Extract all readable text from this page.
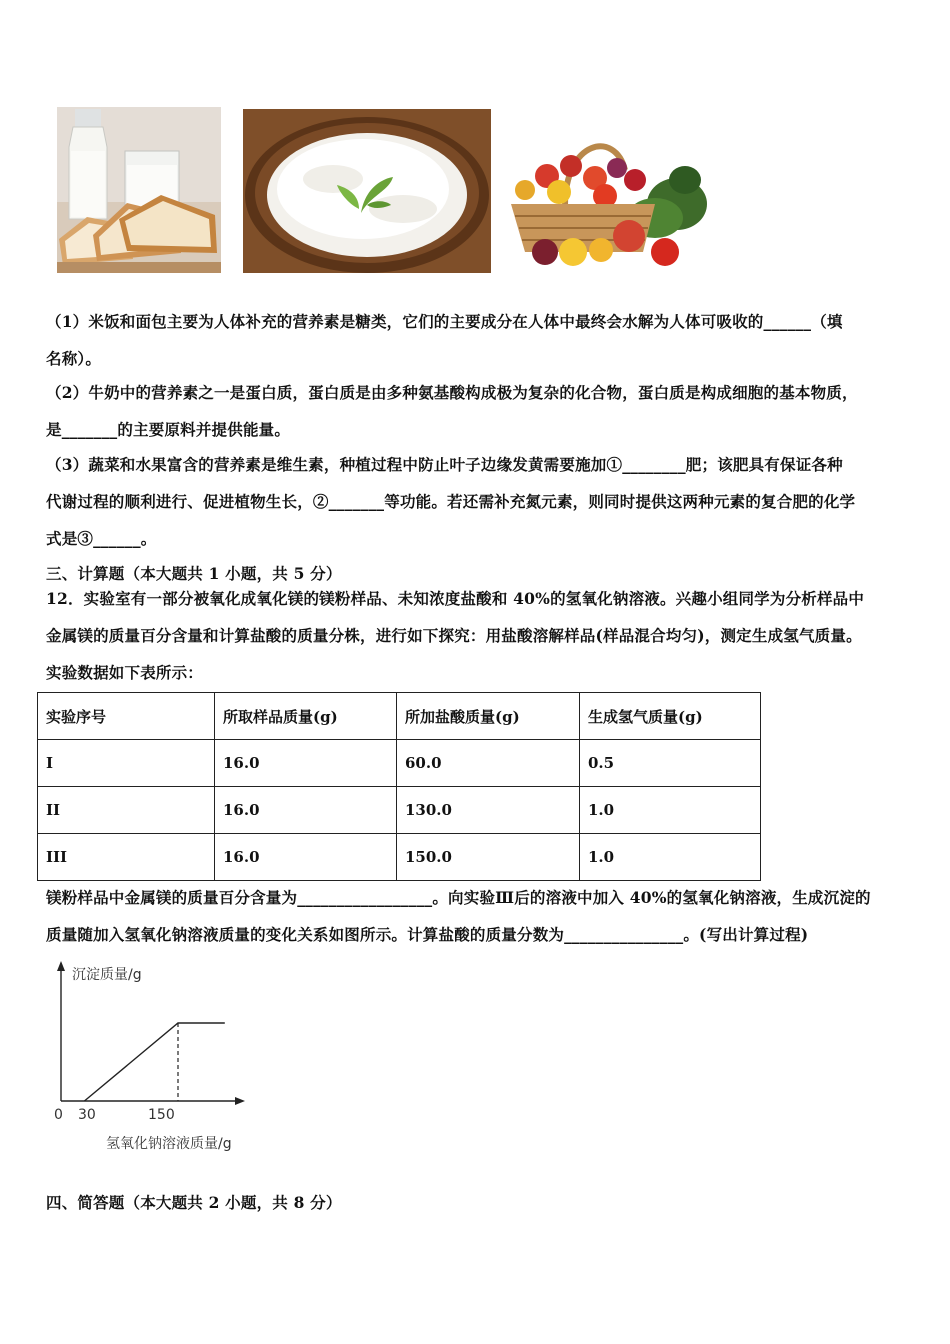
（1）米饭和面包主要为人体补充的营养素是糖类，它们的主要成分在人体中最终会水解为人体可吸收的______（填
名称）。
（2）牛奶中的营养素之一是蛋白质，蛋白质是由多种氨基酸构成极为复杂的化合物，蛋白质是构成细胞的基本物质，
是_______的主要原料并提供能量。
（3）蔬菜和水果富含的营养素是维生素，种植过程中防止叶子边缘发黄需要施加①________肥；该肥具有保证各种
代谢过程的顺利进行、促进植物生长，②_______等功能。若还需补充氮元素，则同时提供这两种元素的复合肥的化学
式是③______。
三、计算题（本大题共 1 小题，共 5 分）
12．实验室有一部分被氧化成氧化镁的镁粉样品、未知浓度盐酸和 40%的氢氧化钠溶液。兴趣小组同学为分析样品中
金属镁的质量百分含量和计算盐酸的质量分株，进行如下探究：用盐酸溶解样品(样品混合均匀)，测定生成氢气质量。
实验数据如下表所示：
实验序号	所取样品质量(g)	所加盐酸质量(g)	生成氢气质量(g)
I	16.0	60.0	0.5
II	16.0	130.0	1.0
III	16.0	150.0	1.0
镁粉样品中金属镁的质量百分含量为_________________。向实验Ⅲ后的溶液中加入 40%的氢氧化钠溶液，生成沉淀的
质量随加入氢氧化钠溶液质量的变化关系如图所示。计算盐酸的质量分数为_______________。(写出计算过程)
沉淀质量/g
0 30	150
氢氧化钠溶液质量/g
四、简答题（本大题共 2 小题，共 8 分）
